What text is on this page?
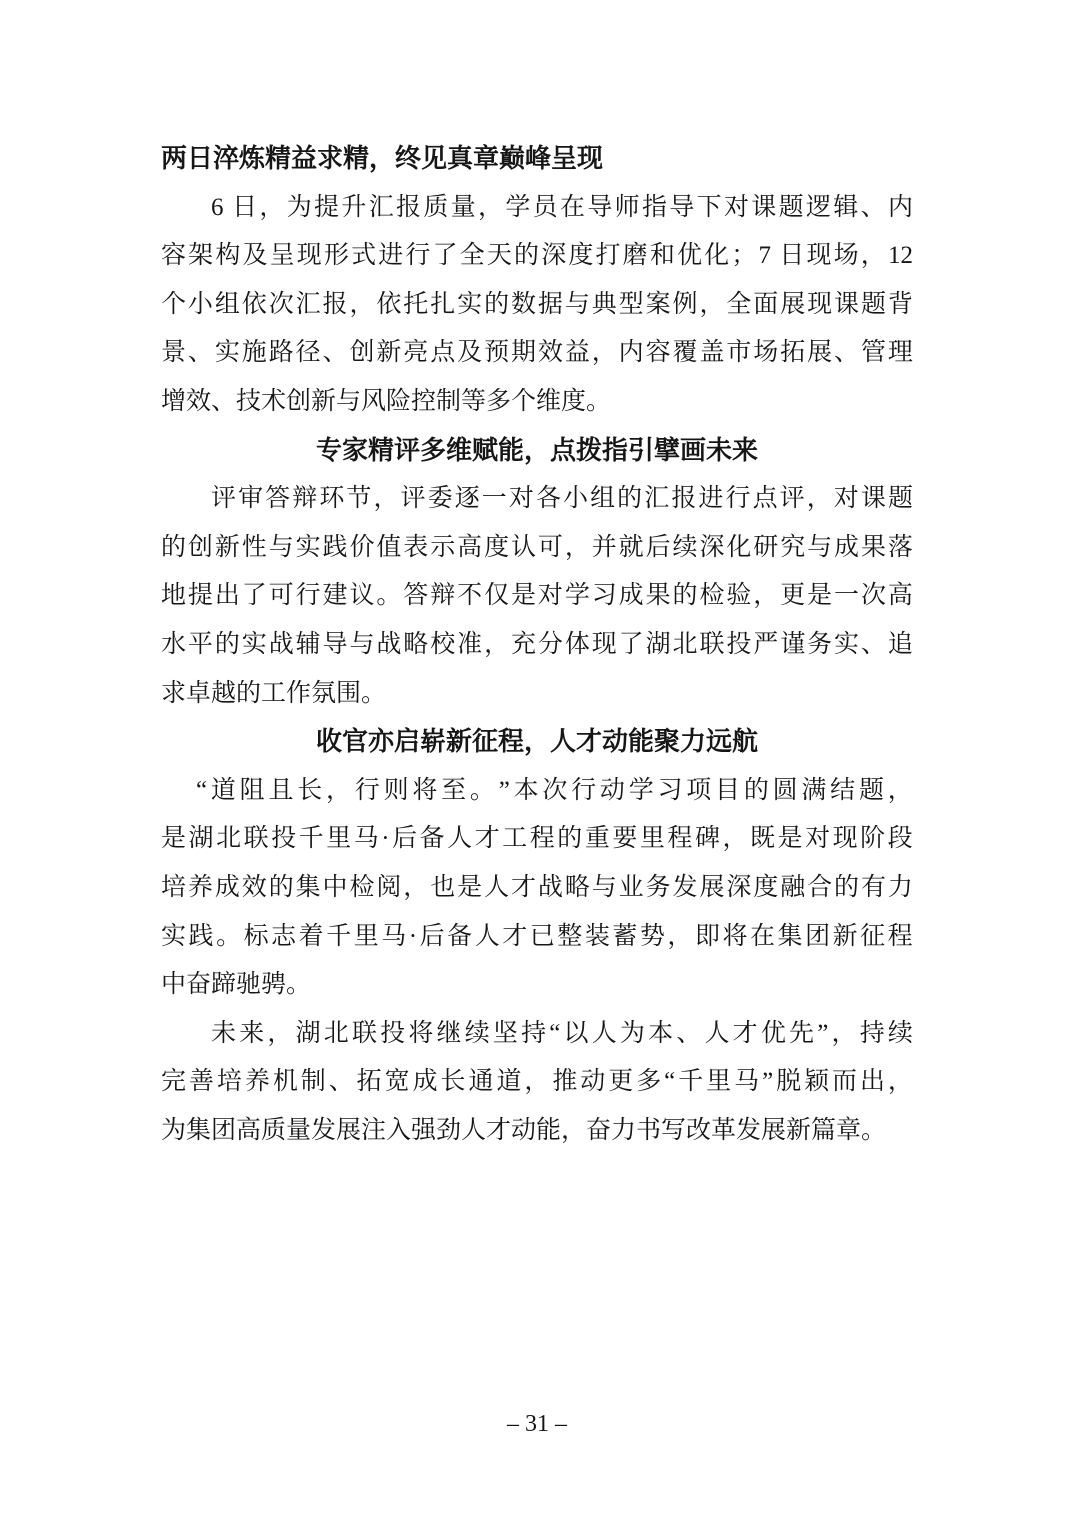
两日淬炼精益求精，终见真章巅峰呈现
6 日 ， 为 提 升 汇 报 质 量 ， 学 员 在 导 师 指 导 下 对 课 题 逻 辑 、 内
容 架 构 及 呈 现 形 式 进 行 了 全 天 的 深 度 打 磨 和 优 化 ； 7 日 现 场 ， 12
个 小 组 依 次 汇 报 ， 依 托 扎 实 的 数 据 与 典 型 案 例 ， 全 面 展 现 课 题 背
景 、 实 施 路 径 、 创 新 亮 点 及 预 期 效 益 ， 内 容 覆 盖 市 场 拓 展 、 管 理
增效、技术创新与风险控制等多个维度。
专家精评多维赋能，点拨指引擘画未来
评 审 答 辩 环 节 ， 评 委 逐 一 对 各 小 组 的 汇 报 进 行 点 评 ， 对 课 题
的 创 新 性 与 实 践 价 值 表 示 高 度 认 可 ， 并 就 后 续 深 化 研 究 与 成 果 落
地 提 出 了 可 行 建 议 。 答 辩 不 仅 是 对 学 习 成 果 的 检 验 ， 更 是 一 次 高
水 平 的 实 战 辅 导 与 战 略 校 准 ， 充 分 体 现 了 湖 北 联 投 严 谨 务 实 、 追
求卓越的工作氛围。
收官亦启崭新征程，人才动能聚力远航
“ 道 阻 且 长 ， 行 则 将 至 。 ” 本 次 行 动 学 习 项 目 的 圆 满 结 题 ，
是 湖 北 联 投 千 里 马 · 后 备 人 才 工 程 的 重 要 里 程 碑 ， 既 是 对 现 阶 段
培 养 成 效 的 集 中 检 阅 ， 也 是 人 才 战 略 与 业 务 发 展 深 度 融 合 的 有 力
实 践 。 标 志 着 千 里 马 · 后 备 人 才 已 整 装 蓄 势 ， 即 将 在 集 团 新 征 程
中奋蹄驰骋。
未 来 ， 湖 北 联 投 将 继 续 坚 持 “ 以 人 为 本 、 人 才 优 先 ” ， 持 续
完 善 培 养 机 制 、 拓 宽 成 长 通 道 ， 推 动 更 多 “ 千 里 马 ” 脱 颖 而 出 ，
为集团高质量发展注入强劲人才动能，奋力书写改革发展新篇章。
– 31 –
